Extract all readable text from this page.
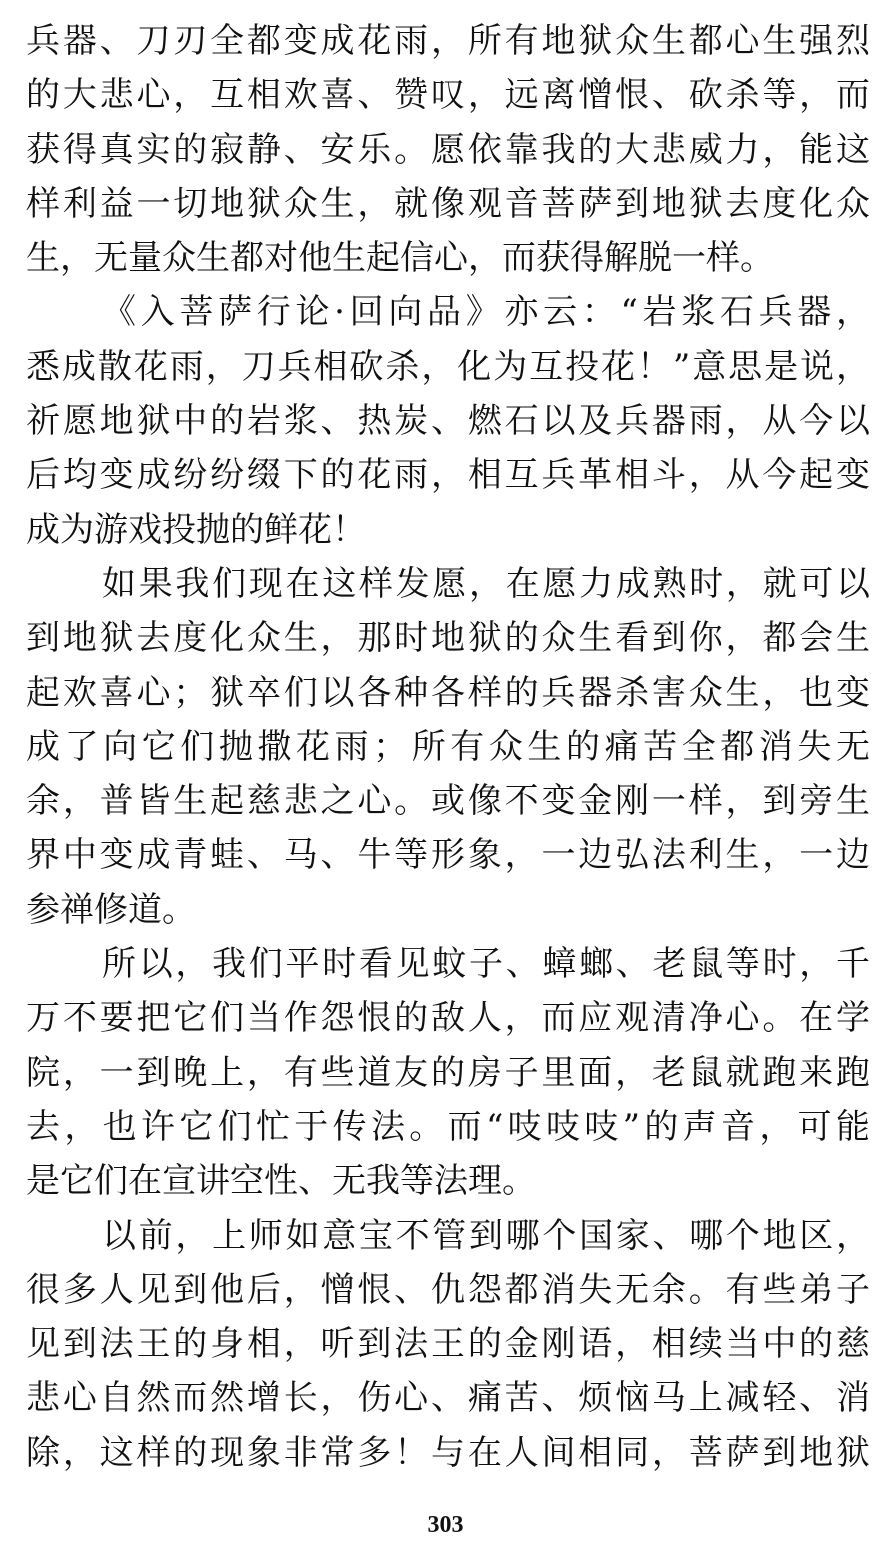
兵器、刀刃全都变成花雨，所有地狱众生都心生强烈
的大悲心，互相欢喜、赞叹，远离憎恨、砍杀等，而
获得真实的寂静、安乐。愿依靠我的大悲威力，能这
样利益一切地狱众生，就像观音菩萨到地狱去度化众
生，无量众生都对他生起信心，而获得解脱一样。
《入菩萨行论·回向品》亦云：“岩浆石兵器，
悉成散花雨，刀兵相砍杀，化为互投花！”意思是说，
祈愿地狱中的岩浆、热炭、燃石以及兵器雨，从今以
后均变成纷纷缀下的花雨，相互兵革相斗，从今起变
成为游戏投抛的鲜花！
如果我们现在这样发愿，在愿力成熟时，就可以
到地狱去度化众生，那时地狱的众生看到你，都会生
起欢喜心；狱卒们以各种各样的兵器杀害众生，也变
成了向它们抛撒花雨；所有众生的痛苦全都消失无
余，普皆生起慈悲之心。或像不变金刚一样，到旁生
界中变成青蛙、马、牛等形象，一边弘法利生，一边
参禅修道。
所以，我们平时看见蚊子、蟑螂、老鼠等时，千
万不要把它们当作怨恨的敌人，而应观清净心。在学
院，一到晚上，有些道友的房子里面，老鼠就跑来跑
去，也许它们忙于传法。而“吱吱吱”的声音，可能
是它们在宣讲空性、无我等法理。
以前，上师如意宝不管到哪个国家、哪个地区，
很多人见到他后，憎恨、仇怨都消失无余。有些弟子
见到法王的身相，听到法王的金刚语，相续当中的慈
悲心自然而然增长，伤心、痛苦、烦恼马上减轻、消
除，这样的现象非常多！与在人间相同，菩萨到地狱
303
